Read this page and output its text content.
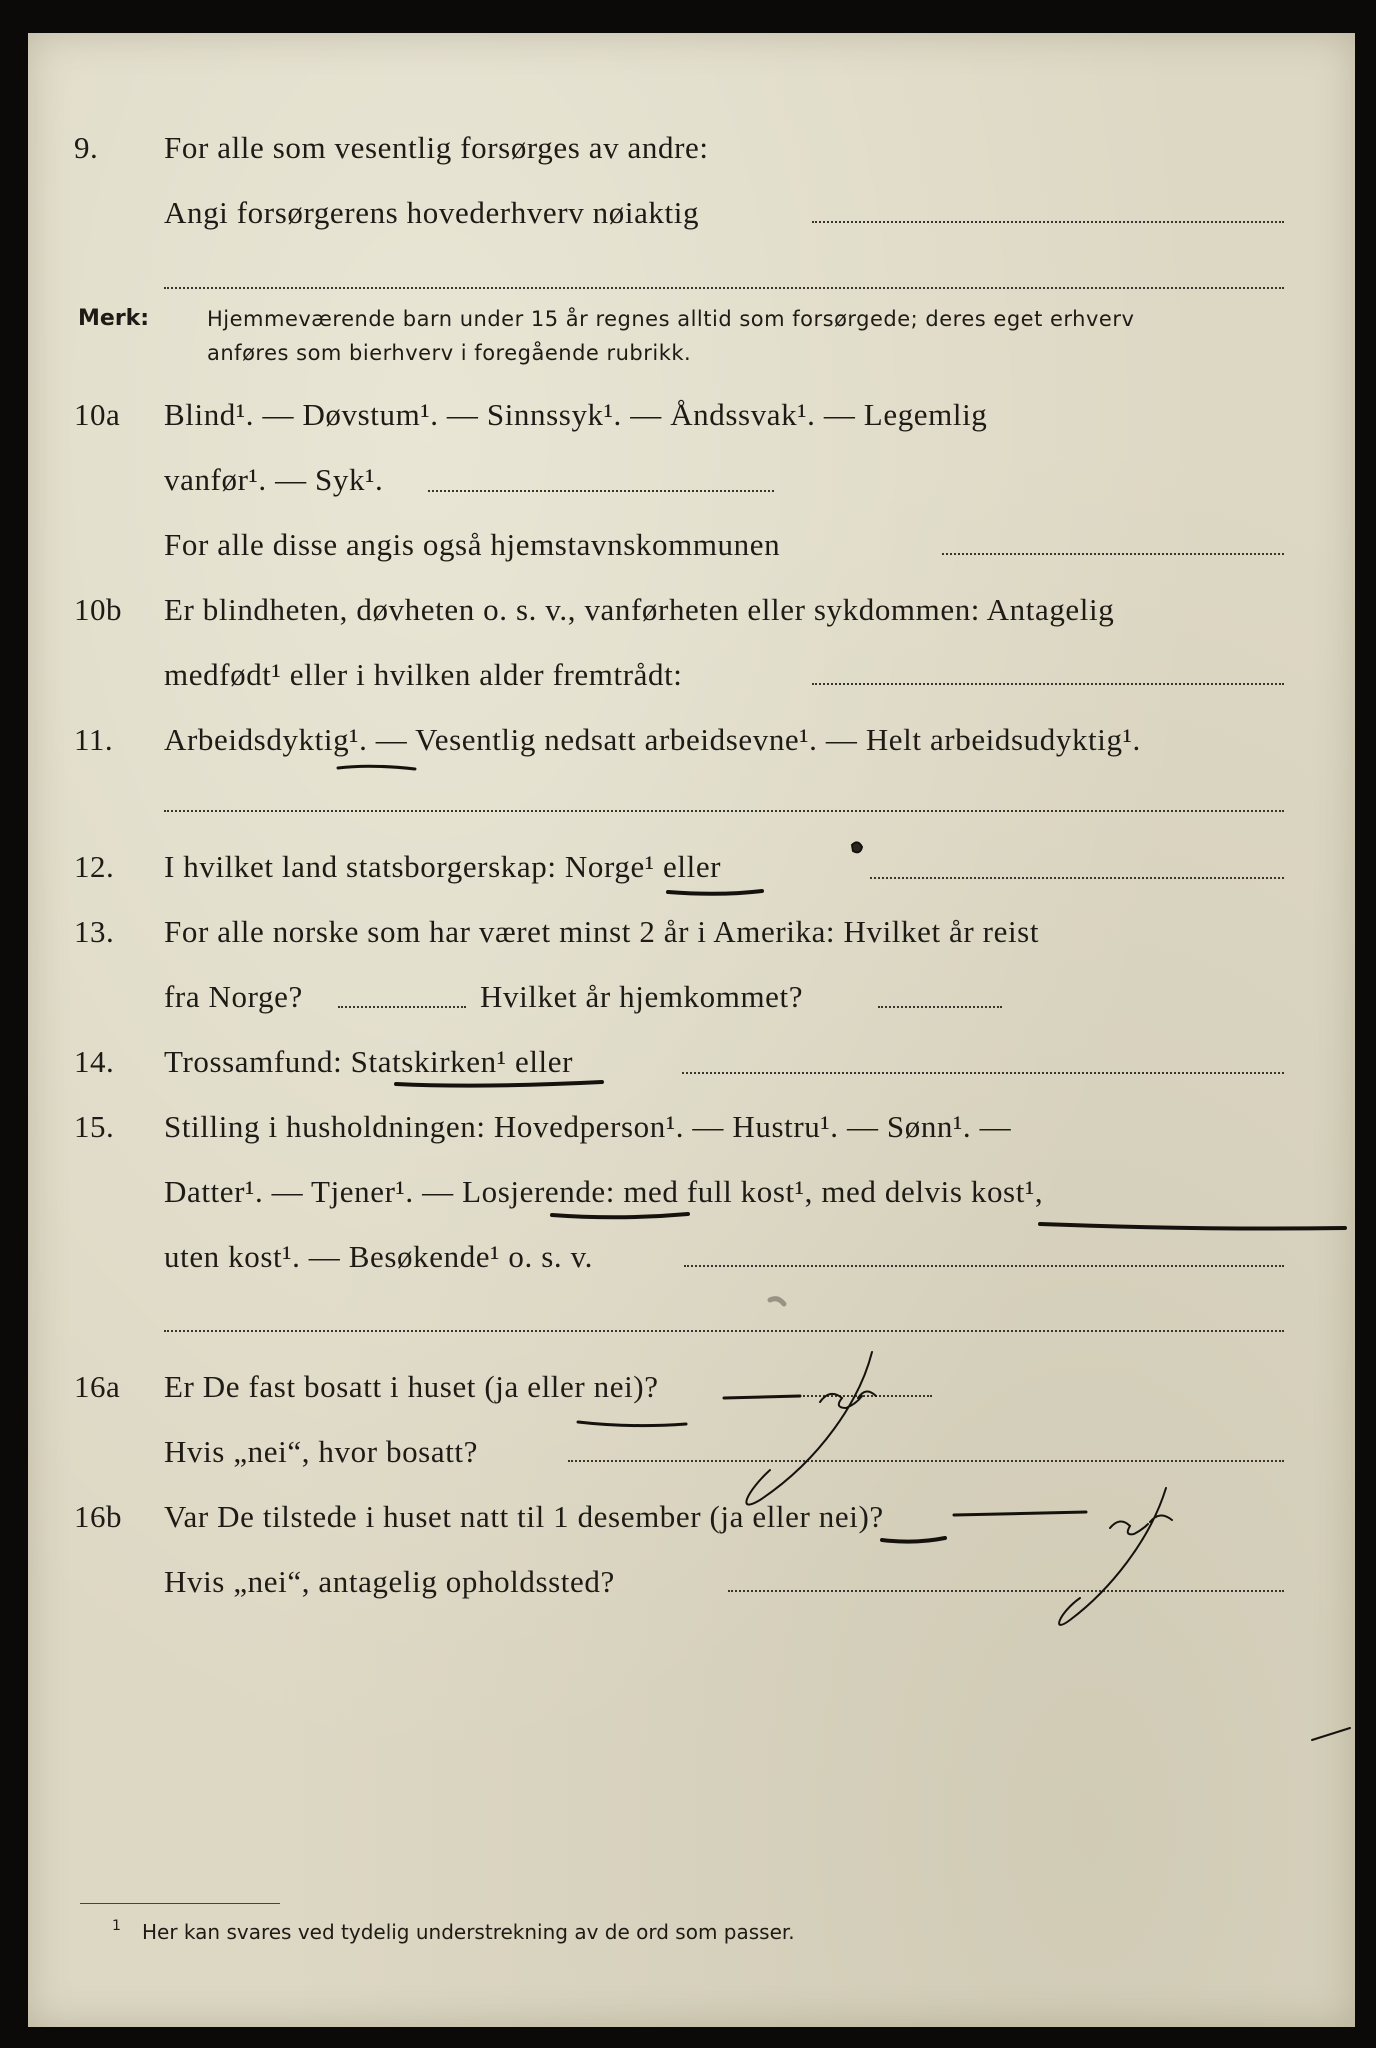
9.	For alle som vesentlig forsørges av andre:
Angi forsørgerens hovederhverv nøiaktig
Merk:	Hjemmeværende barn under 15 år regnes alltid som forsørgede; deres eget erhverv
anføres som bierhverv i foregående rubrikk.
10a	Blind¹. — Døvstum¹. — Sinnssyk¹. — Åndssvak¹. — Legemlig
vanfør¹. — Syk¹.
For alle disse angis også hjemstavnskommunen
10b	Er blindheten, døvheten o. s. v., vanførheten eller sykdommen: Antagelig
medfødt¹ eller i hvilken alder fremtrådt:
11.	Arbeidsdyktig¹. — Vesentlig nedsatt arbeidsevne¹. — Helt arbeidsudyktig¹.
12.	I hvilket land statsborgerskap: Norge¹ eller
13.	For alle norske som har været minst 2 år i Amerika: Hvilket år reist
fra Norge?	Hvilket år hjemkommet?
14.	Trossamfund: Statskirken¹ eller
15.	Stilling i husholdningen: Hovedperson¹. — Hustru¹. — Sønn¹. —
Datter¹. — Tjener¹. — Losjerende: med full kost¹, med delvis kost¹,
uten kost¹. — Besøkende¹ o. s. v.
16a	Er De fast bosatt i huset (ja eller nei)?
Hvis „nei“, hvor bosatt?
16b	Var De tilstede i huset natt til 1 desember (ja eller nei)?
Hvis „nei“, antagelig opholdssted?
1 Her kan svares ved tydelig understrekning av de ord som passer.
